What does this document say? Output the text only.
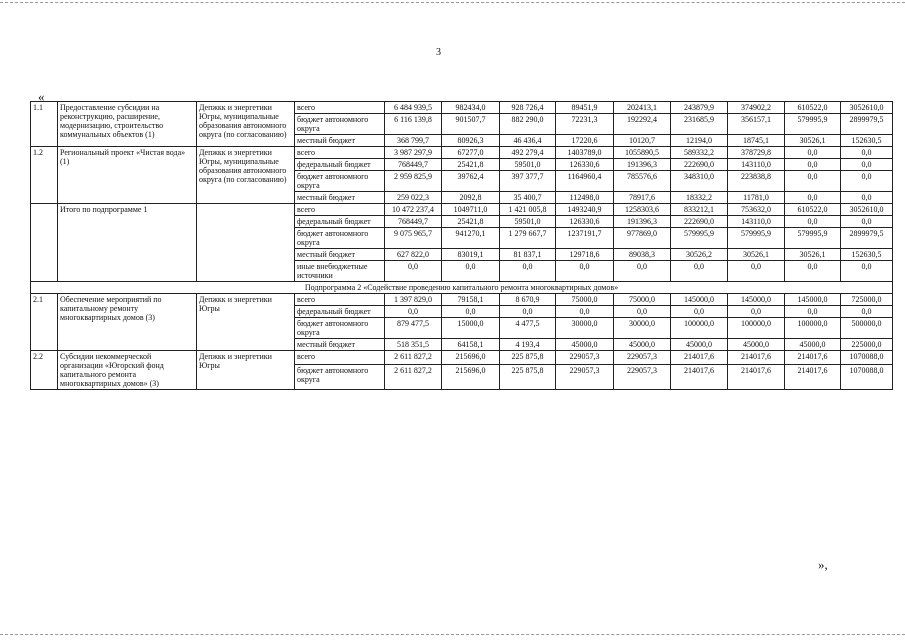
3
«
1.1	Предоставление субсидии на реконструкцию, расширение, модернизацию, строительство коммунальных объектов (1)	Депжкк и энергетики Югры, муниципальные образования автономного округа (по согласованию)	всего	6 484 939,5	982434,0	928 726,4	89451,9	202413,1	243879,9	374902,2	610522,0	3052610,0
			бюджет автономного округа	6 116 139,8	901507,7	882 290,0	72231,3	192292,4	231685,9	356157,1	579995,9	2899979,5
			местный бюджет	368 799,7	80926,3	46 436,4	17220,6	10120,7	12194,0	18745,1	30526,1	152630,5
1.2	Региональный проект «Чистая вода» (1)	Депжкк и энергетики Югры, муниципальные образования автономного округа (по согласованию)	всего	3 987 297,9	67277,0	492 279,4	1403789,0	1055890,5	589332,2	378729,8	0,0	0,0
			федеральный бюджет	768449,7	25421,8	59501,0	126330,6	191396,3	222690,0	143110,0	0,0	0,0
			бюджет автономного округа	2 959 825,9	39762,4	397 377,7	1164960,4	785576,6	348310,0	223838,8	0,0	0,0
			местный бюджет	259 022,3	2092,8	35 400,7	112498,0	78917,6	18332,2	11781,0	0,0	0,0
	Итого по подпрограмме 1		всего	10 472 237,4	1049711,0	1 421 005,8	1493240,9	1258303,6	833212,1	753632,0	610522,0	3052610,0
			федеральный бюджет	768449,7	25421,8	59501,0	126330,6	191396,3	222690,0	143110,0	0,0	0,0
			бюджет автономного округа	9 075 965,7	941270,1	1 279 667,7	1237191,7	977869,0	579995,9	579995,9	579995,9	2899979,5
			местный бюджет	627 822,0	83019,1	81 837,1	129718,6	89038,3	30526,2	30526,1	30526,1	152630,5
			иные внебюджетные источники	0,0	0,0	0,0	0,0	0,0	0,0	0,0	0,0	0,0
Подпрограмма 2 «Содействие проведению капитального ремонта многоквартирных домов»												
2.1	Обеспечение мероприятий по капитальному ремонту многоквартирных домов (3)	Депжкк и энергетики Югры	всего	1 397 829,0	79158,1	8 670,9	75000,0	75000,0	145000,0	145000,0	145000,0	725000,0
			федеральный бюджет	0,0	0,0	0,0	0,0	0,0	0,0	0,0	0,0	0,0
			бюджет автономного округа	879 477,5	15000,0	4 477,5	30000,0	30000,0	100000,0	100000,0	100000,0	500000,0
			местный бюджет	518 351,5	64158,1	4 193,4	45000,0	45000,0	45000,0	45000,0	45000,0	225000,0
2.2	Субсидии некоммерческой организации «Югорский фонд капитального ремонта многоквартирных домов» (3)	Депжкк и энергетики Югры	всего	2 611 827,2	215696,0	225 875,8	229057,3	229057,3	214017,6	214017,6	214017,6	1070088,0
			бюджет автономного округа	2 611 827,2	215696,0	225 875,8	229057,3	229057,3	214017,6	214017,6	214017,6	1070088,0
»,
